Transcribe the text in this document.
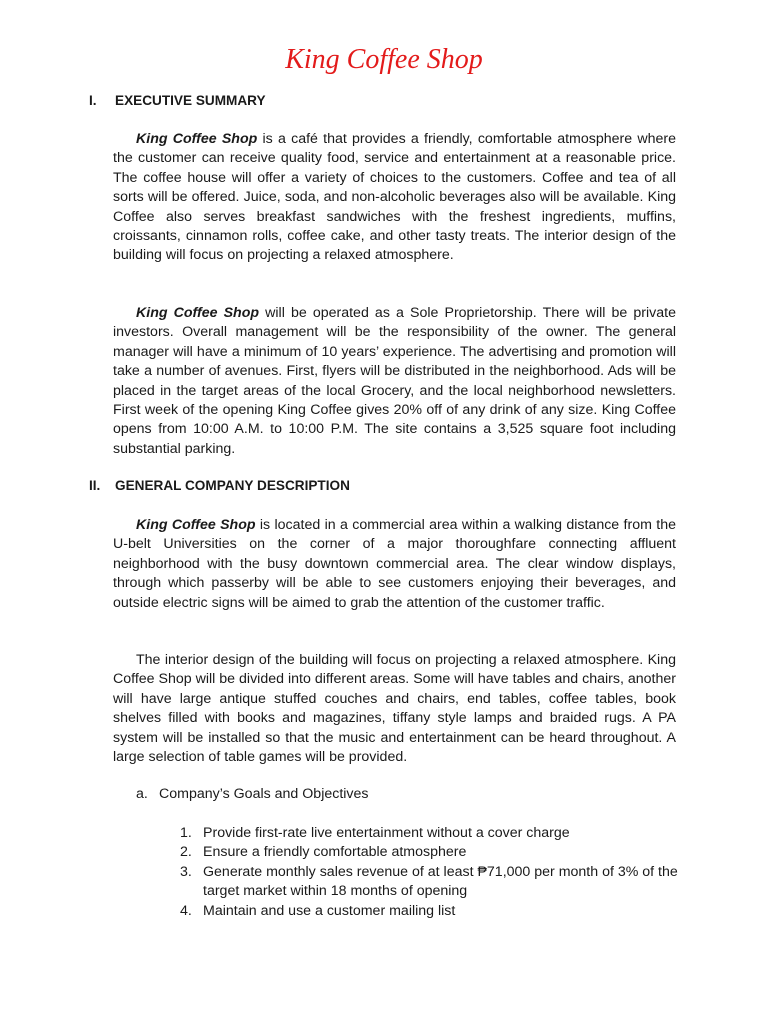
King Coffee Shop
I. EXECUTIVE SUMMARY

King Coffee Shop is a café that provides a friendly, comfortable atmosphere where the customer can receive quality food, service and entertainment at a reasonable price. The coffee house will offer a variety of choices to the customers. Coffee and tea of all sorts will be offered. Juice, soda, and non-alcoholic beverages also will be available. King Coffee also serves breakfast sandwiches with the freshest ingredients, muffins, croissants, cinnamon rolls, coffee cake, and other tasty treats. The interior design of the building will focus on projecting a relaxed atmosphere.

King Coffee Shop will be operated as a Sole Proprietorship. There will be private investors. Overall management will be the responsibility of the owner. The general manager will have a minimum of 10 years’ experience. The advertising and promotion will take a number of avenues. First, flyers will be distributed in the neighborhood. Ads will be placed in the target areas of the local Grocery, and the local neighborhood newsletters. First week of the opening King Coffee gives 20% off of any drink of any size. King Coffee opens from 10:00 A.M. to 10:00 P.M. The site contains a 3,525 square foot including substantial parking.

II. GENERAL COMPANY DESCRIPTION

King Coffee Shop is located in a commercial area within a walking distance from the U-belt Universities on the corner of a major thoroughfare connecting affluent neighborhood with the busy downtown commercial area. The clear window displays, through which passerby will be able to see customers enjoying their beverages, and outside electric signs will be aimed to grab the attention of the customer traffic.

The interior design of the building will focus on projecting a relaxed atmosphere. King Coffee Shop will be divided into different areas. Some will have tables and chairs, another will have large antique stuffed couches and chairs, end tables, coffee tables, book shelves filled with books and magazines, tiffany style lamps and braided rugs. A PA system will be installed so that the music and entertainment can be heard throughout. A large selection of table games will be provided.

a. Company’s Goals and Objectives
1. Provide first-rate live entertainment without a cover charge
2. Ensure a friendly comfortable atmosphere
3. Generate monthly sales revenue of at least ₱71,000 per month of 3% of the target market within 18 months of opening
4. Maintain and use a customer mailing list
